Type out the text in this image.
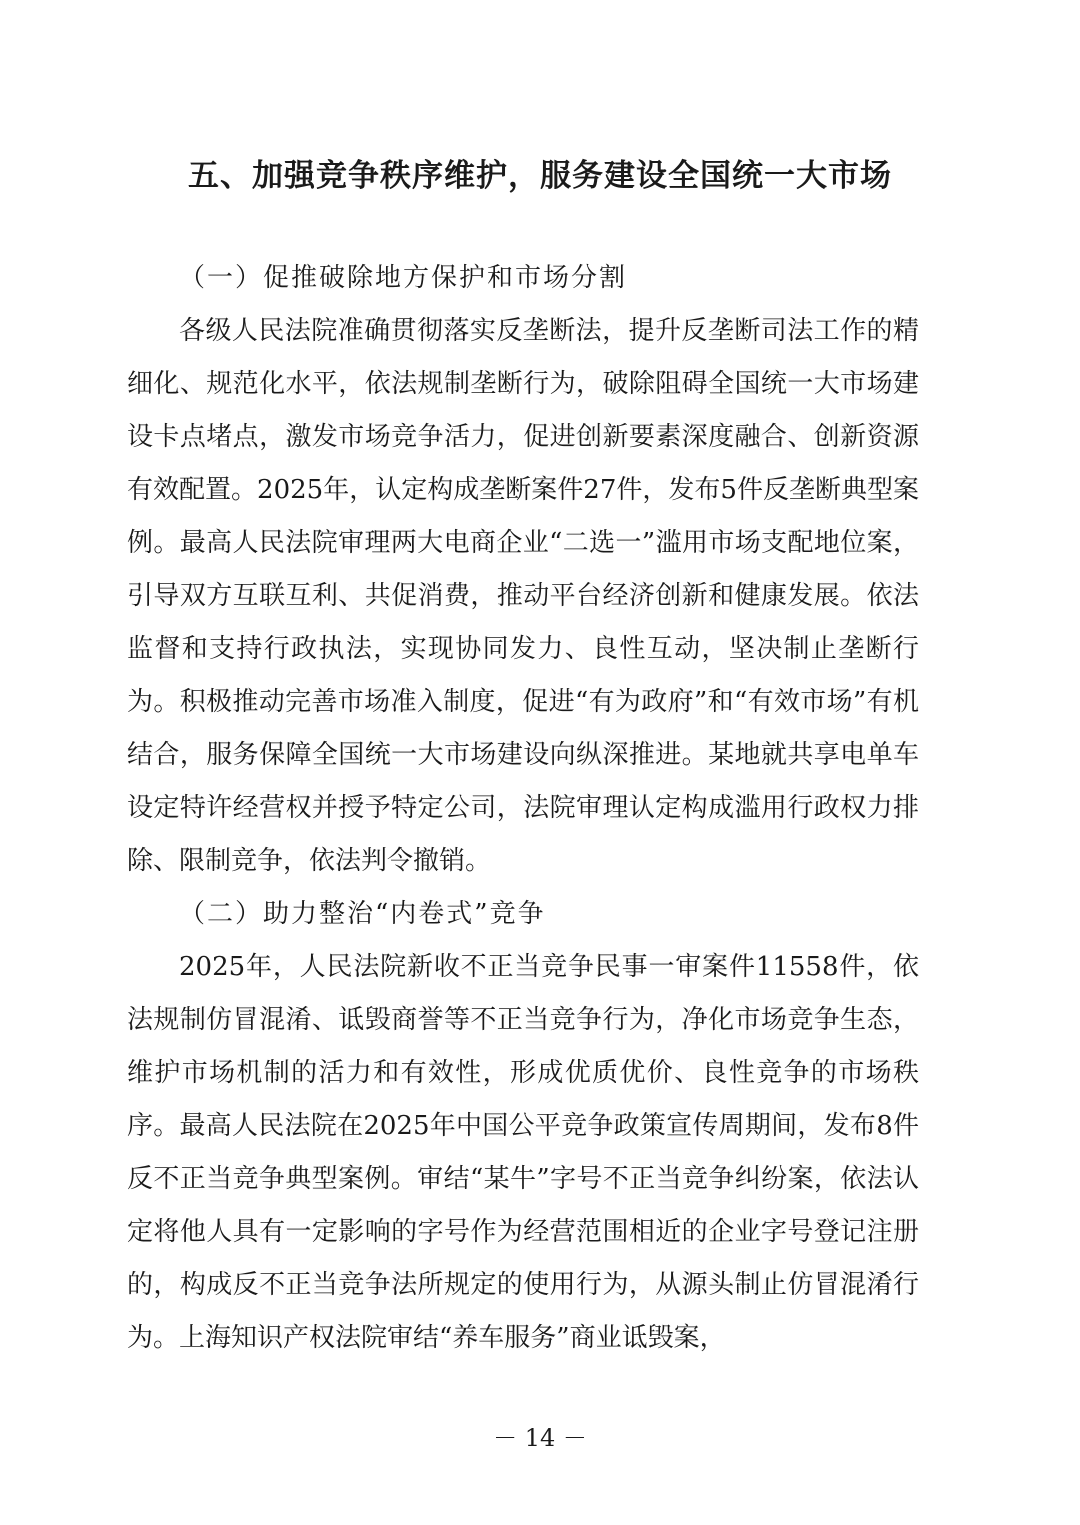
五、加强竞争秩序维护，服务建设全国统一大市场
（一）促推破除地方保护和市场分割

各级人民法院准确贯彻落实反垄断法，提升反垄断司法工作的精细化、规范化水平，依法规制垄断行为，破除阻碍全国统一大市场建设卡点堵点，激发市场竞争活力，促进创新要素深度融合、创新资源有效配置。2025年，认定构成垄断案件27件，发布5件反垄断典型案例。最高人民法院审理两大电商企业“二选一”滥用市场支配地位案，引导双方互联互利、共促消费，推动平台经济创新和健康发展。依法监督和支持行政执法，实现协同发力、良性互动，坚决制止垄断行为。积极推动完善市场准入制度，促进“有为政府”和“有效市场”有机结合，服务保障全国统一大市场建设向纵深推进。某地就共享电单车设定特许经营权并授予特定公司，法院审理认定构成滥用行政权力排除、限制竞争，依法判令撤销。

（二）助力整治“内卷式”竞争

2025年，人民法院新收不正当竞争民事一审案件11558件，依法规制仿冒混淆、诋毁商誉等不正当竞争行为，净化市场竞争生态，维护市场机制的活力和有效性，形成优质优价、良性竞争的市场秩序。最高人民法院在2025年中国公平竞争政策宣传周期间，发布8件反不正当竞争典型案例。审结“某牛”字号不正当竞争纠纷案，依法认定将他人具有一定影响的字号作为经营范围相近的企业字号登记注册的，构成反不正当竞争法所规定的使用行为，从源头制止仿冒混淆行为。上海知识产权法院审结“养车服务”商业诋毁案，

－ 14 －
